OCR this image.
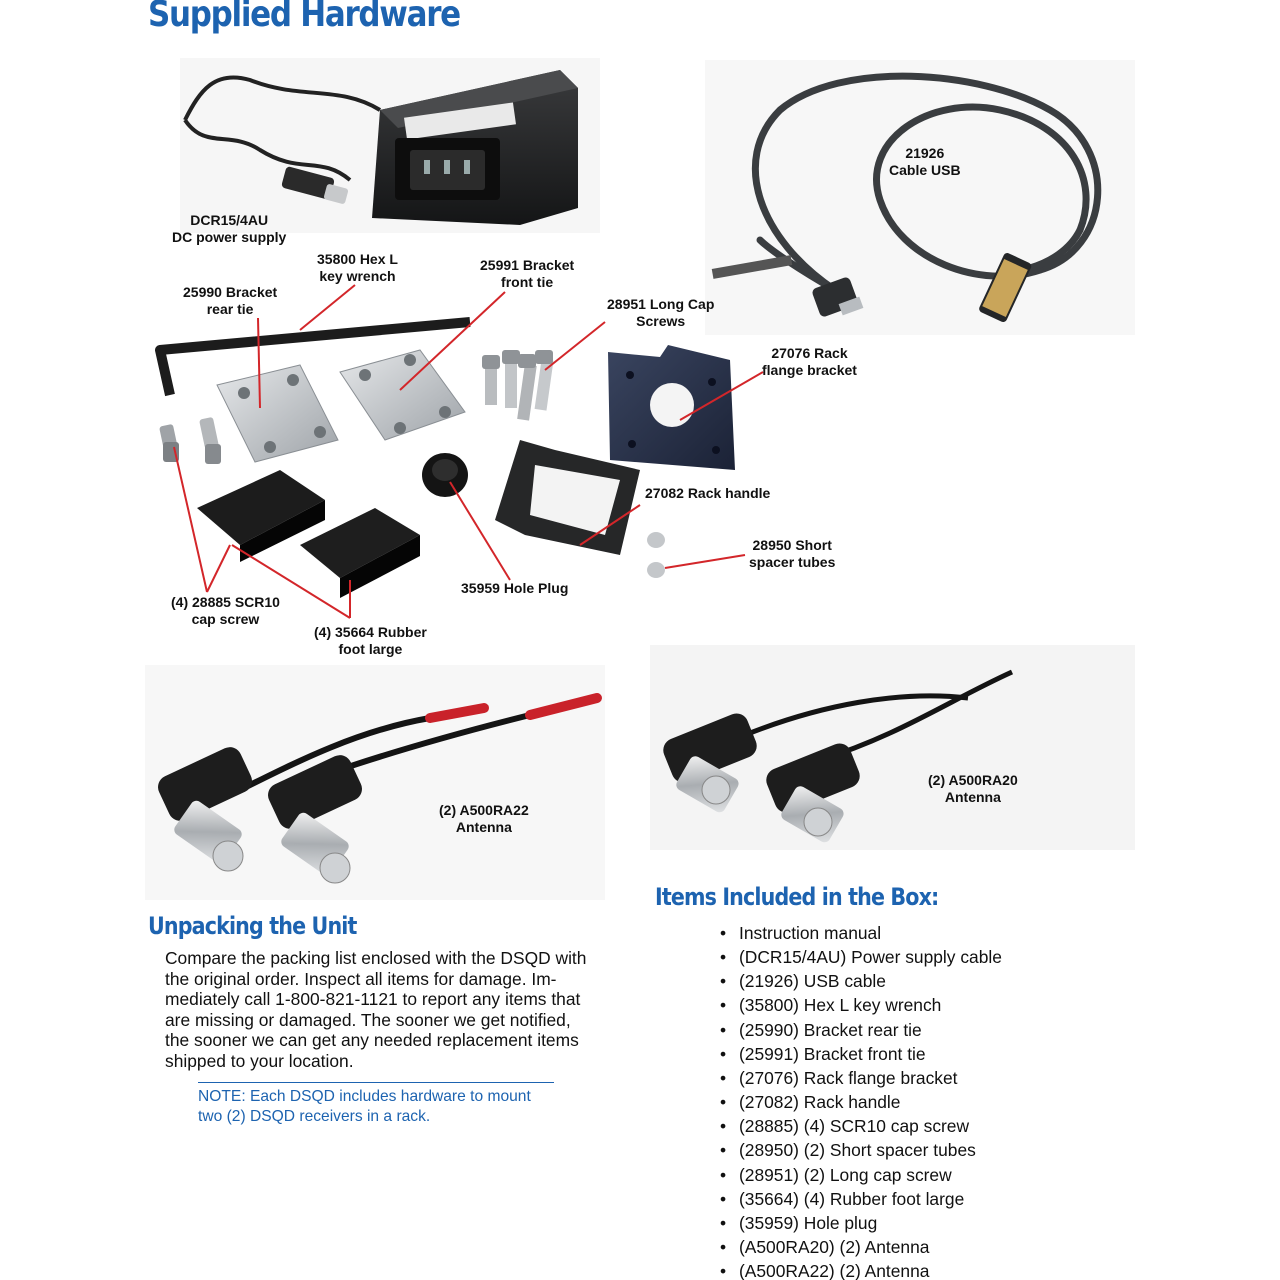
Supplied Hardware
DCR15/4AU
DC power supply
21926
Cable USB
35800 Hex L
key wrench
25991 Bracket
front tie
25990 Bracket
rear tie	28951 Long Cap
Screws
27076 Rack
flange bracket
27082 Rack handle
28950 Short
spacer tubes
35959 Hole Plug
(4) 28885 SCR10
cap screw
(4) 35664 Rubber
foot large
(2) A500RA22
Antenna
(2) A500RA20
Antenna
Unpacking the Unit
Compare the packing list enclosed with the DSQD with
the original order. Inspect all items for damage. Im-
mediately call 1-800-821-1121 to report any items that
are missing or damaged. The sooner we get notified,
the sooner we can get any needed replacement items
shipped to your location.
NOTE: Each DSQD includes hardware to mount
two (2) DSQD receivers in a rack.
Items Included in the Box:
• Instruction manual
• (DCR15/4AU) Power supply cable
• (21926) USB cable
• (35800) Hex L key wrench
• (25990) Bracket rear tie
• (25991) Bracket front tie
• (27076) Rack flange bracket
• (27082) Rack handle
• (28885) (4) SCR10 cap screw
• (28950) (2) Short spacer tubes
• (28951) (2) Long cap screw
• (35664) (4) Rubber foot large
• (35959) Hole plug
• (A500RA20) (2) Antenna
• (A500RA22) (2) Antenna
